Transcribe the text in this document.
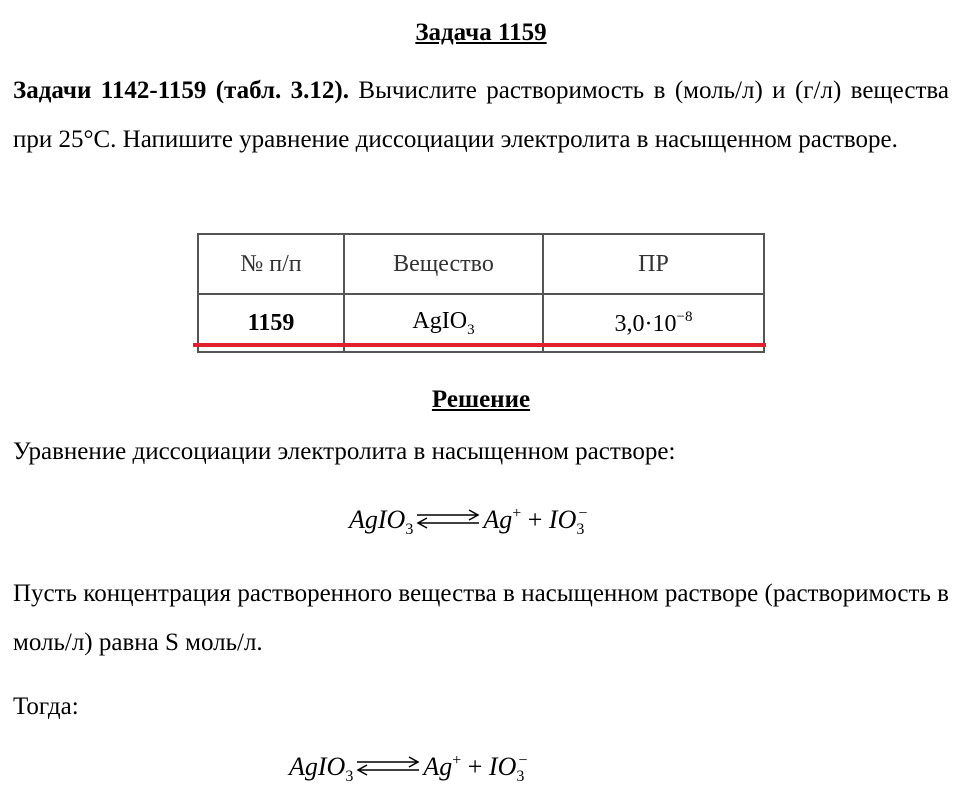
Задача 1159
Задачи 1142-1159 (табл. 3.12). Вычислите растворимость в (моль/л) и (г/л) вещества при 25°С. Напишите уравнение диссоциации электролита в насыщенном растворе.
№ п/п	Вещество	ПР
1159	AgIO$_3$	$3,0\cdot 10^{-8}$
Решение
Уравнение диссоциации электролита в насыщенном растворе:
AgIO$_3$ ⇌ $Ag^+ + IO_3^-$
Пусть концентрация растворенного вещества в насыщенном растворе (растворимость в моль/л) равна S моль/л.
Тогда:
AgIO$_3$ ⇌ $Ag^+ + IO_3^-$
